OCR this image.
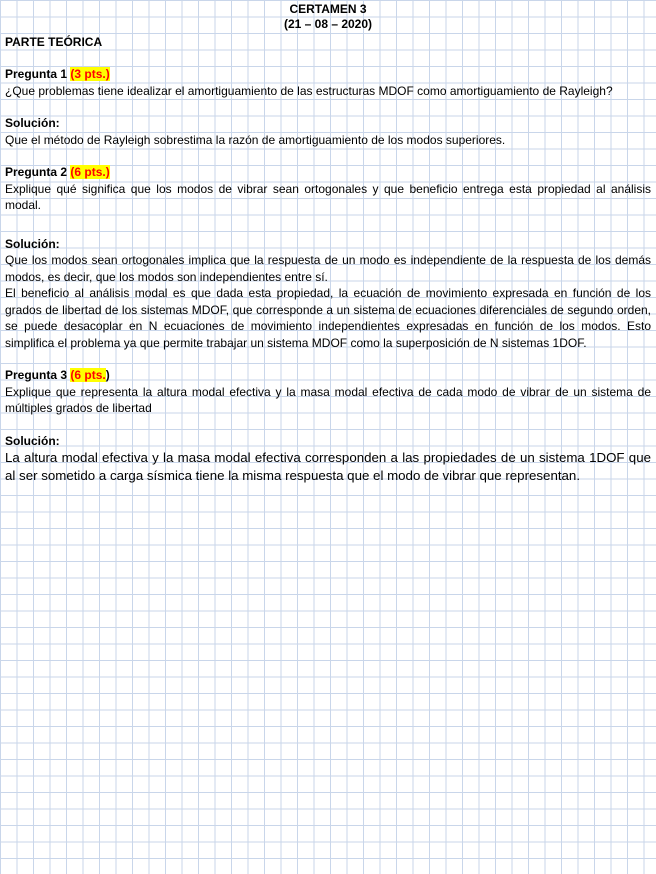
CERTAMEN 3
(21 – 08 – 2020)
PARTE TEÓRICA
Pregunta 1 (3 pts.)
¿Que problemas tiene idealizar el amortiguamiento de las estructuras MDOF como amortiguamiento de Rayleigh?
Solución:
Que el método de Rayleigh sobrestima la razón de amortiguamiento de los modos superiores.
Pregunta 2 (6 pts.)
Explique qué significa que los modos de vibrar sean ortogonales y que beneficio entrega esta propiedad al análisis modal.
Solución:
Que los modos sean ortogonales implica que la respuesta de un modo es independiente de la respuesta de los demás modos, es decir, que los modos son independientes entre sí.
El beneficio al análisis modal es que dada esta propiedad, la ecuación de movimiento expresada en función de los grados de libertad de los sistemas MDOF, que corresponde a un sistema de ecuaciones diferenciales de segundo orden, se puede desacoplar en N ecuaciones de movimiento independientes expresadas en función de los modos. Esto simplifica el problema ya que permite trabajar un sistema MDOF como la superposición de N sistemas 1DOF.
Pregunta 3 (6 pts.)
Explique que representa la altura modal efectiva y la masa modal efectiva de cada modo de vibrar de un sistema de múltiples grados de libertad
Solución:
La altura modal efectiva y la masa modal efectiva corresponden a las propiedades de un sistema 1DOF que al ser sometido a carga sísmica tiene la misma respuesta que el modo de vibrar que representan.
